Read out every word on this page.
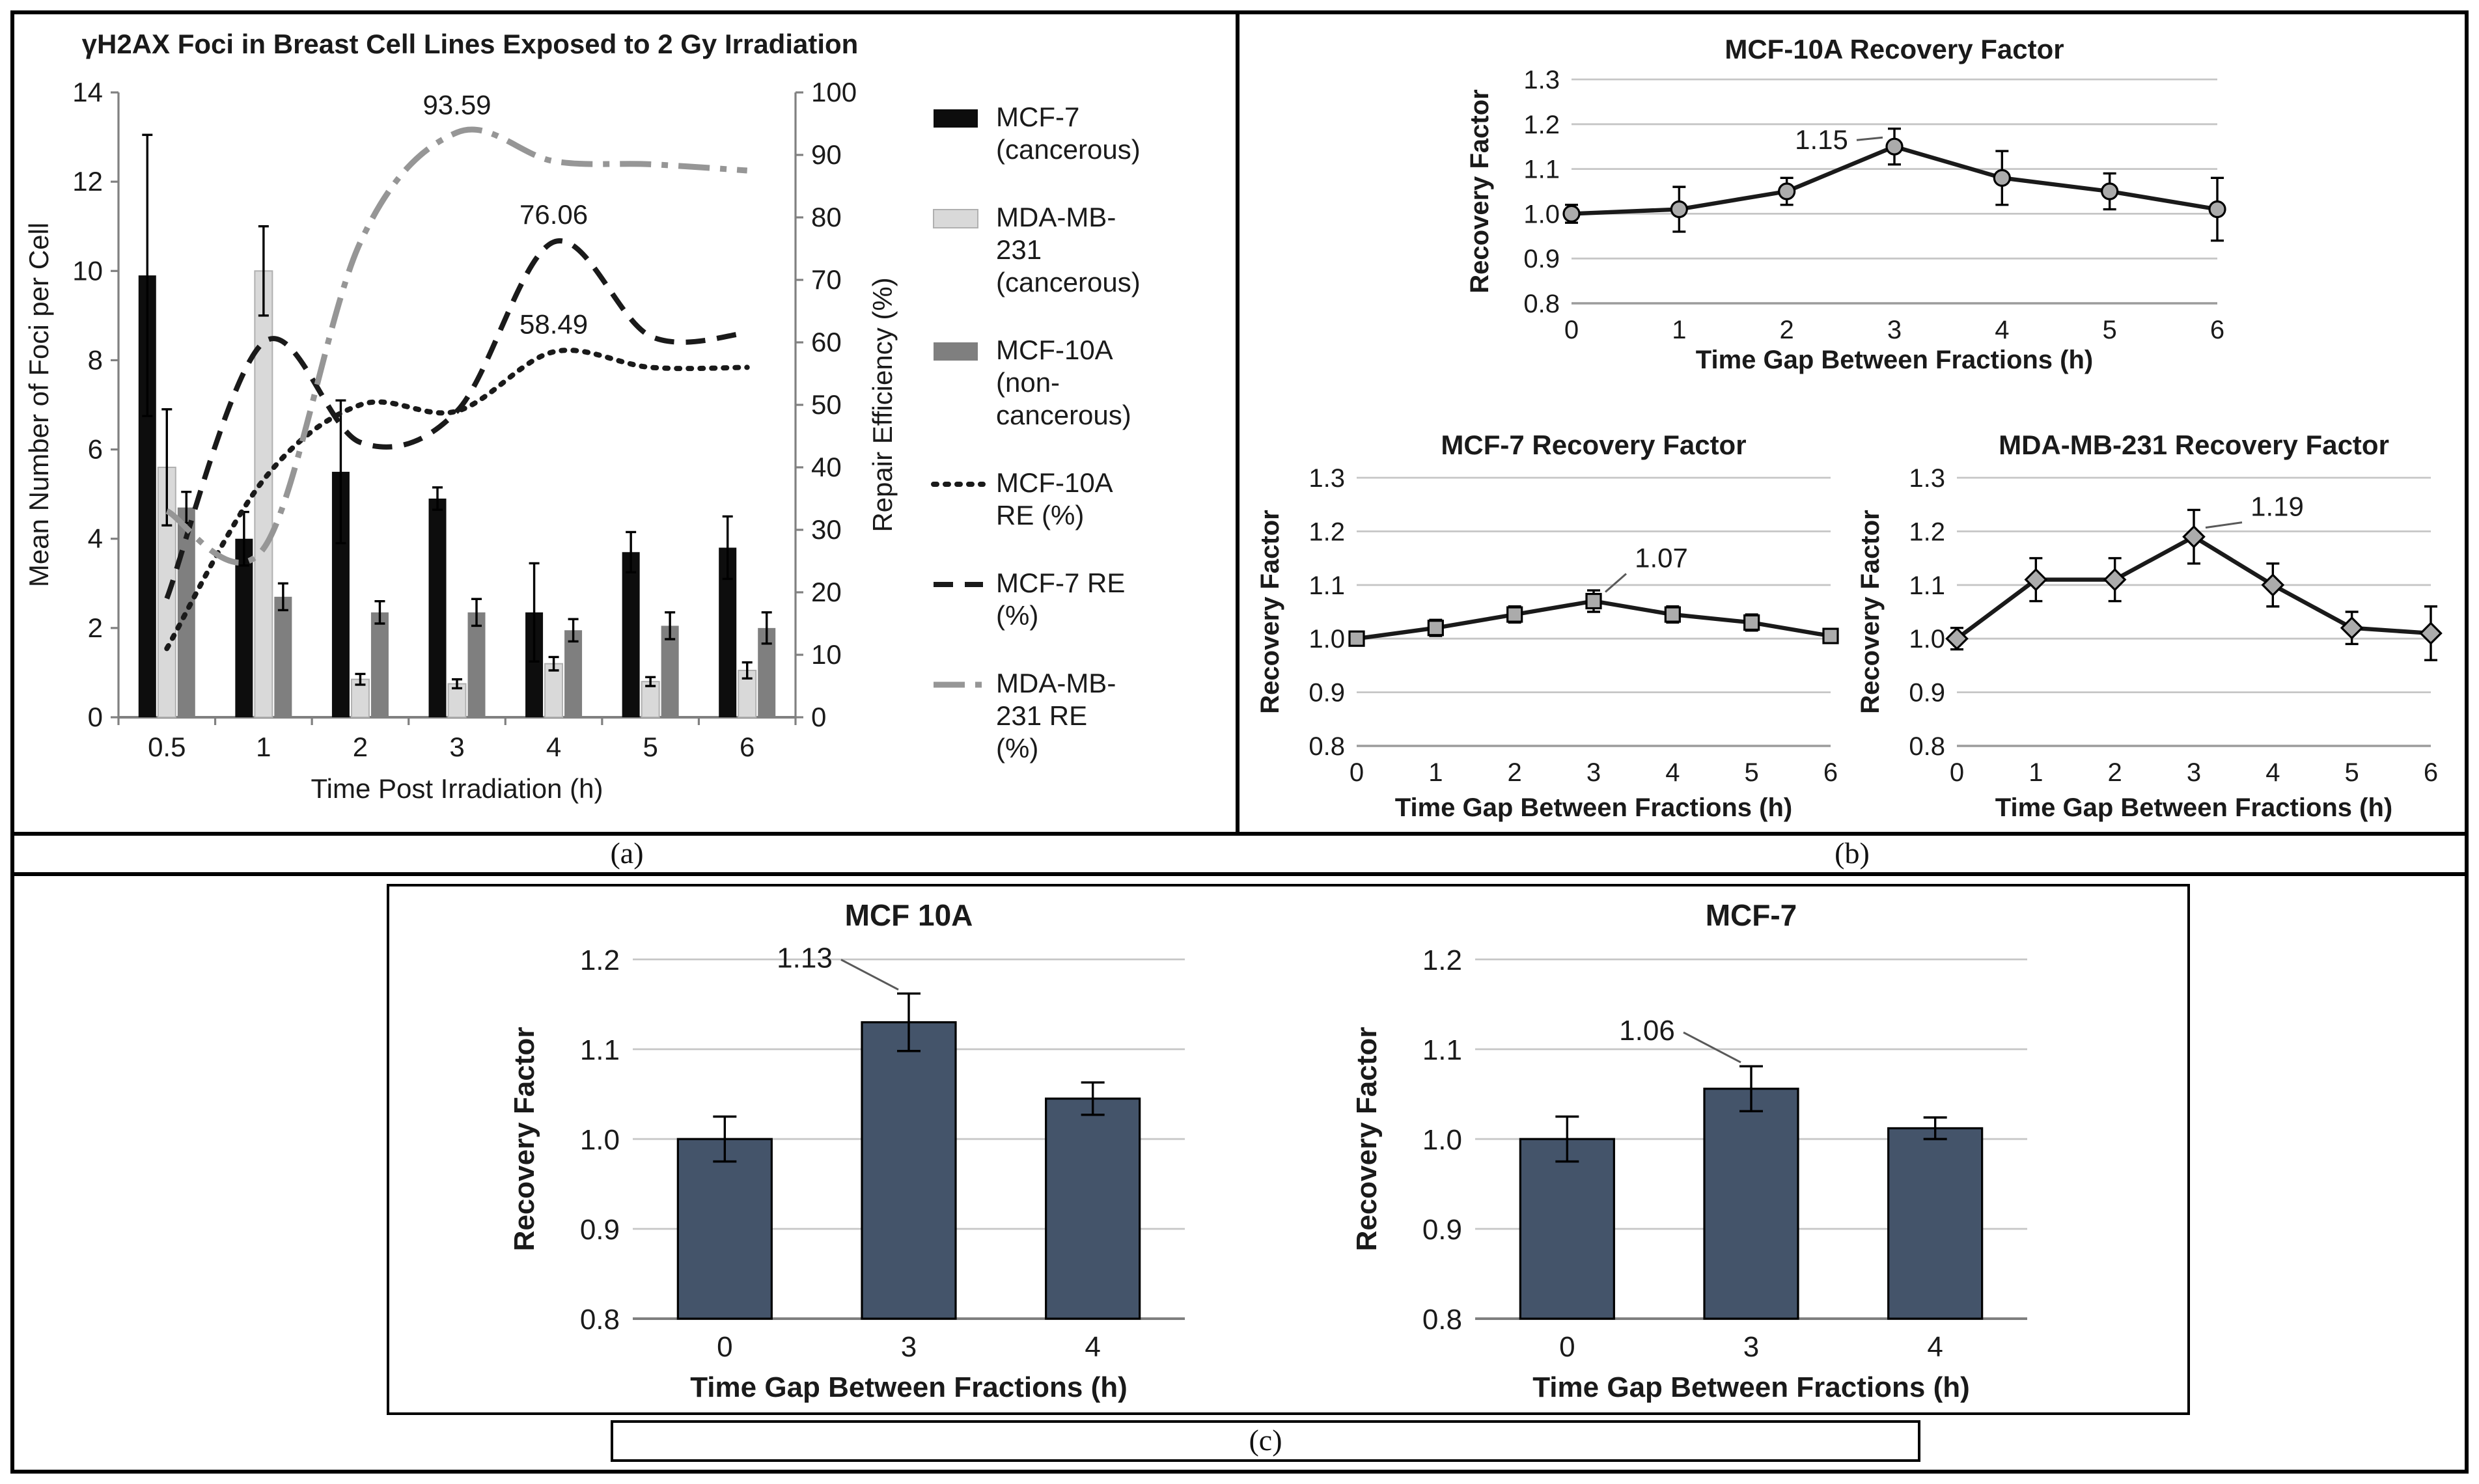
γH2AX Foci in Breast Cell Lines Exposed to 2 Gy Irradiation
0
2
4
6
8
10
12
14
0
10
20
30
40
50
60
70
80
90
100
0.5	1	2	3	4	5	6
Time Post Irradiation (h)
Mean Number of Foci per Cell	Repair Efficiency (%)
58.49
76.06
93.59	MCF-7
(cancerous)
MDA-MB-
231
(cancerous)
MCF-10A
(non-
cancerous)
MCF-10A
RE (%)
MCF-7 RE
(%)
MDA-MB-
231 RE
(%)
0.8
0.9
1.0
1.1
1.2
1.3
0	1	2	3	4	5	6
MCF-10A Recovery Factor
Time Gap Between Fractions (h)
Recovery Factor	1.15
0.8
0.9
1.0
1.1
1.2
1.3
0	1	2	3	4	5	6
MCF-7 Recovery Factor
Time Gap Between Fractions (h)
Recovery Factor	1.07
0.8
0.9
1.0
1.1
1.2
1.3
0	1	2	3	4	5	6
MDA-MB-231 Recovery Factor
Time Gap Between Fractions (h)
Recovery Factor
1.19
(a)	(b)
0.8
0.9
1.0
1.1
1.2
0	3	4
MCF 10A
Time Gap Between Fractions (h)
Recovery Factor
1.13
0.8
0.9
1.0
1.1
1.2
0	3	4
MCF-7
Time Gap Between Fractions (h)
Recovery Factor	1.06
(c)
